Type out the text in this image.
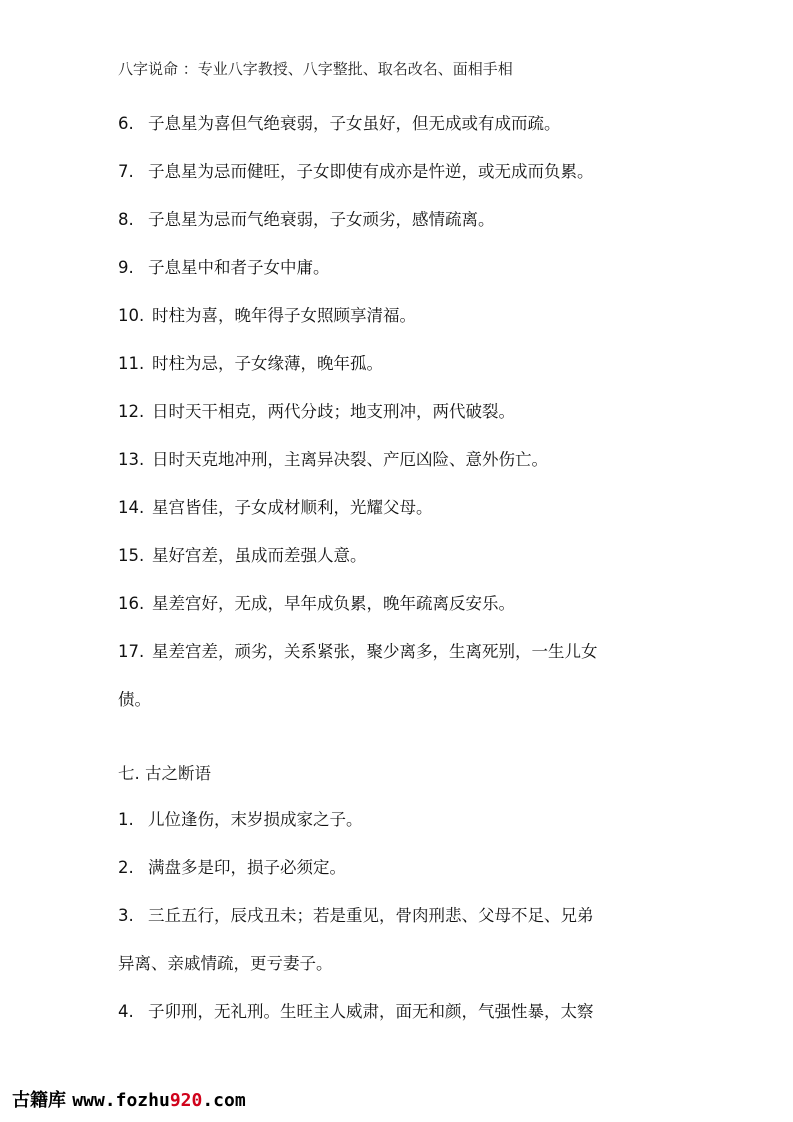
八字说命 ：专业八字教授、八字整批、取名改名、面相手相
6. 子息星为喜但气绝衰弱，子女虽好，但无成或有成而疏。
7. 子息星为忌而健旺，子女即使有成亦是忤逆，或无成而负累。
8. 子息星为忌而气绝衰弱，子女顽劣，感情疏离。
9. 子息星中和者子女中庸。
10. 时柱为喜，晚年得子女照顾享清福。
11. 时柱为忌，子女缘薄，晚年孤。
12. 日时天干相克，两代分歧；地支刑冲，两代破裂。
13. 日时天克地冲刑，主离异决裂、产厄凶险、意外伤亡。
14. 星宫皆佳，子女成材顺利，光耀父母。
15. 星好宫差，虽成而差强人意。
16. 星差宫好，无成，早年成负累，晚年疏离反安乐。
17. 星差宫差，顽劣，关系紧张，聚少离多，生离死别，一生儿女
债。
七. 古之断语
1. 儿位逢伤，末岁损成家之子。
2. 满盘多是印，损子必须定。
3. 三丘五行，辰戌丑未；若是重见，骨肉刑悲、父母不足、兄弟
异离、亲戚情疏，更亏妻子。
4. 子卯刑，无礼刑。生旺主人威肃，面无和颜，气强性暴，太察
古籍库 www.fozhu920.com
